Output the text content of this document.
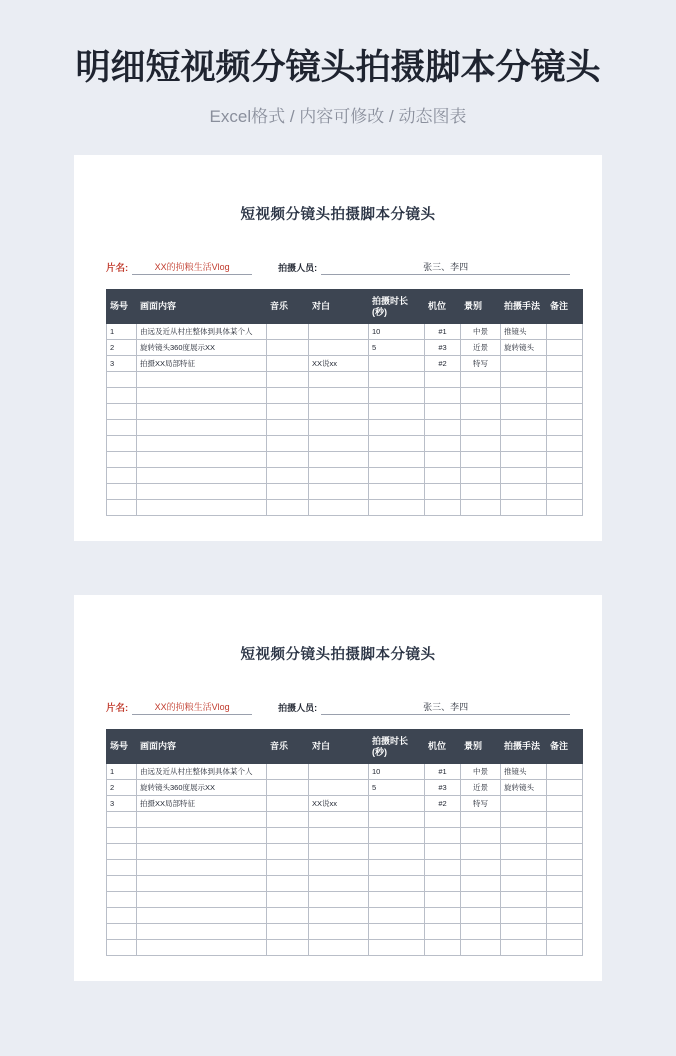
明细短视频分镜头拍摄脚本分镜头
Excel格式 / 内容可修改 / 动态图表
短视频分镜头拍摄脚本分镜头
片名:	XX的拘粮生活Vlog	拍摄人员:	张三、李四
场号	画面内容	音乐	对白	拍摄时长(秒)	机位	景别	拍摄手法	备注
1	由远及近从村庄整体到具体某个人			10	#1	中景	推镜头	
2	旋转镜头360度展示XX			5	#3	近景	旋转镜头	
3	拍摄XX局部特征		XX说xx		#2	特写		

短视频分镜头拍摄脚本分镜头
片名:	XX的拘粮生活Vlog	拍摄人员:	张三、李四
场号	画面内容	音乐	对白	拍摄时长(秒)	机位	景别	拍摄手法	备注
1	由远及近从村庄整体到具体某个人			10	#1	中景	推镜头	
2	旋转镜头360度展示XX			5	#3	近景	旋转镜头	
3	拍摄XX局部特征		XX说xx		#2	特写		
